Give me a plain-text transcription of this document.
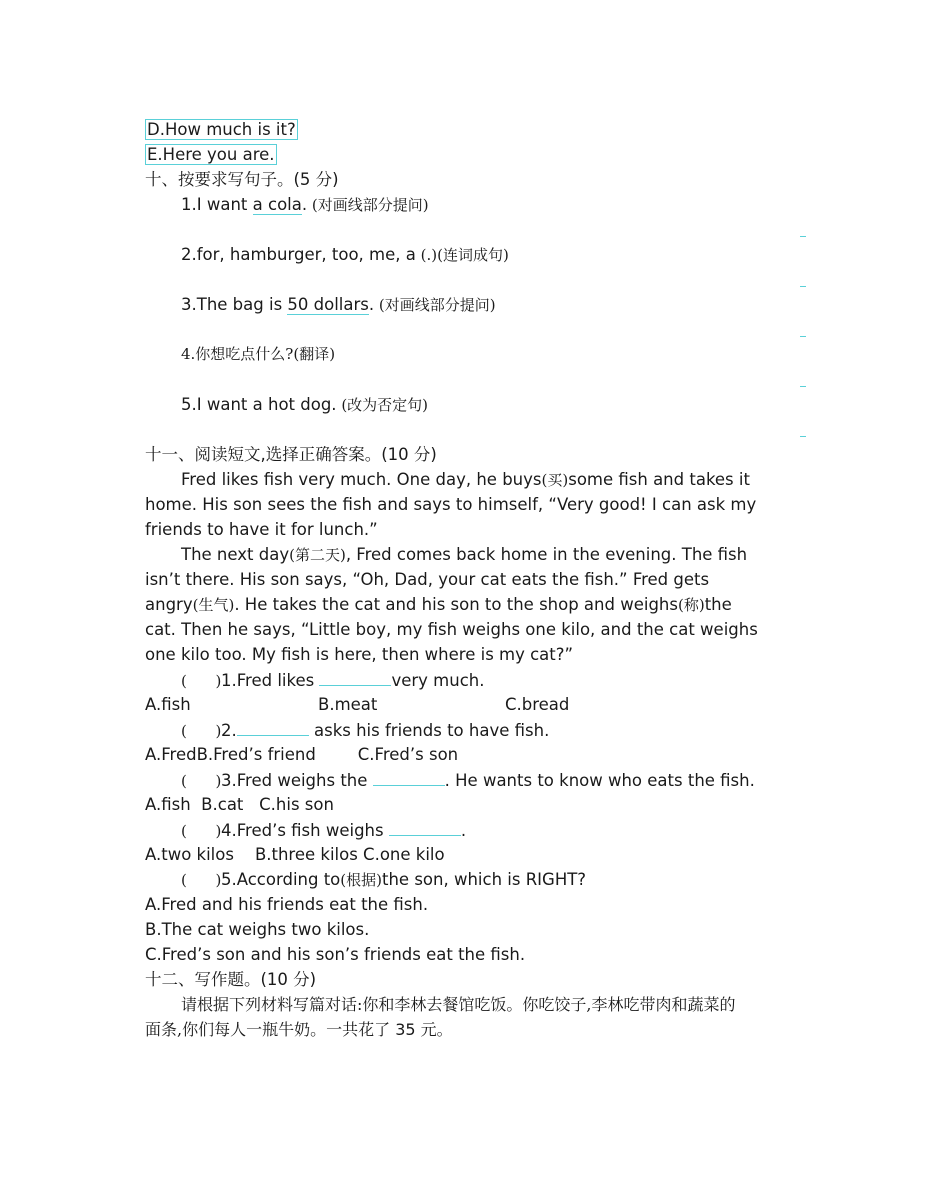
D.How much is it?
E.Here you are.
十、按要求写句子。(5 分)
1.I want a cola. (对画线部分提问)
2.for, hamburger, too, me, a (.)(连词成句)
3.The bag is 50 dollars. (对画线部分提问)
4.你想吃点什么?(翻译)
5.I want a hot dog. (改为否定句)
十一、阅读短文,选择正确答案。(10 分)
Fred likes fish very much. One day, he buys(买)some fish and takes it
home. His son sees the fish and says to himself, “Very good! I can ask my
friends to have it for lunch.”
The next day(第二天), Fred comes back home in the evening. The fish
isn’t there. His son says, “Oh, Dad, your cat eats the fish.” Fred gets
angry(生气). He takes the cat and his son to the shop and weighs(称)the
cat. Then he says, “Little boy, my fish weighs one kilo, and the cat weighs
one kilo too. My fish is here, then where is my cat?”
( )1.Fred likes	very much.
A.fish	B.meat	C.bread
( )2.	asks his friends to have fish.
A.FredB.Fred’s friend        C.Fred’s son
( )3.Fred weighs the	. He wants to know who eats the fish.
A.fish  B.cat   C.his son
( )4.Fred’s fish weighs	.
A.two kilos    B.three kilos C.one kilo
( )5.According to(根据)the son, which is RIGHT?
A.Fred and his friends eat the fish.
B.The cat weighs two kilos.
C.Fred’s son and his son’s friends eat the fish.
十二、写作题。(10 分)
请根据下列材料写篇对话:你和李林去餐馆吃饭。你吃饺子,李林吃带肉和蔬菜的
面条,你们每人一瓶牛奶。一共花了 35 元。
